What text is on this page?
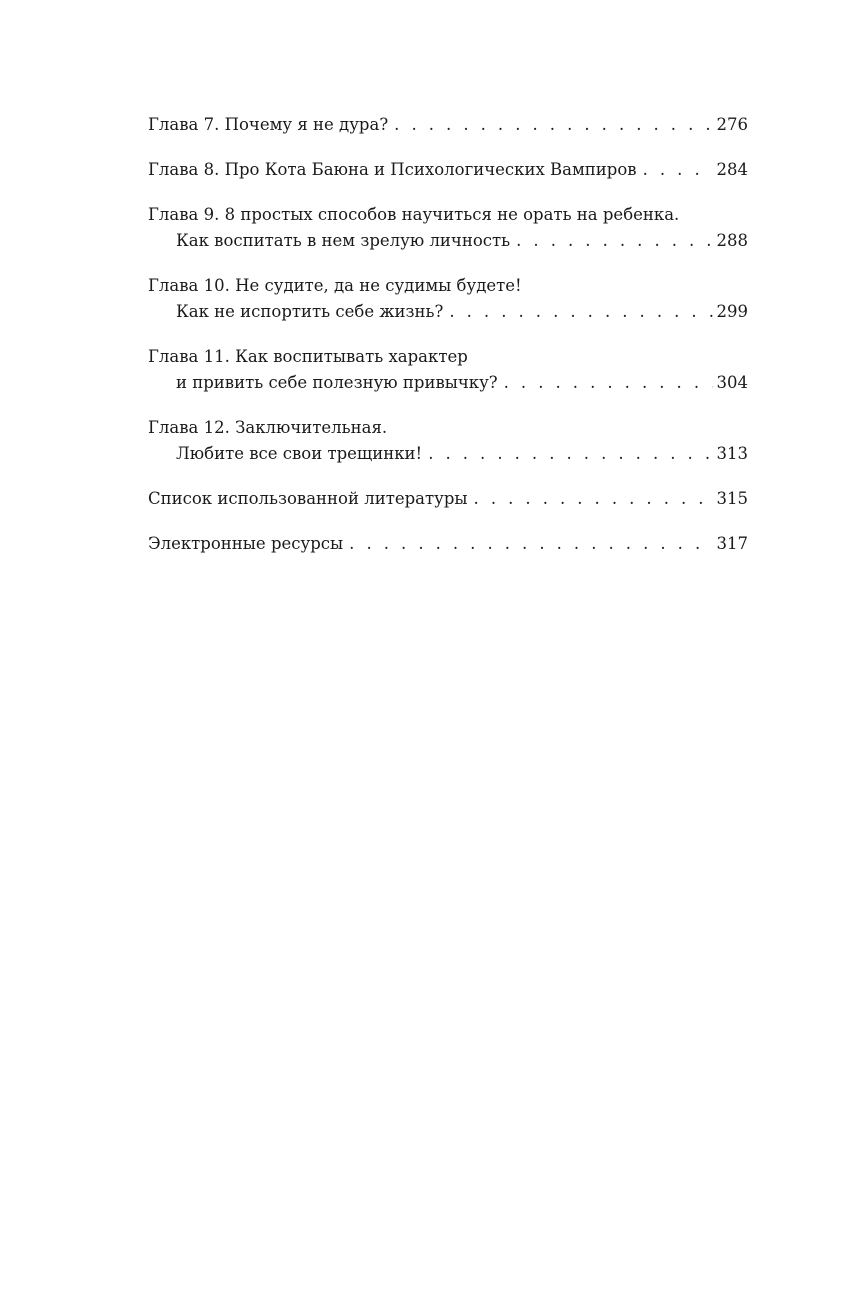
Глава 7. Почему я не дура? . . .	276
Глава 8. Про Кота Баюна и Психологических Вампиров . . .	284
Глава 9. 8 простых способов научиться не орать на ребенка.
Как воспитать в нем зрелую личность . . .	288
Глава 10. Не судите, да не судимы будете!
Как не испортить себе жизнь? . . .	299
Глава 11. Как воспитывать характер
и привить себе полезную привычку? . . .	304
Глава 12. Заключительная.
Любите все свои трещинки! . . .	313
Список использованной литературы . . .	315
Электронные ресурсы . . .	317
